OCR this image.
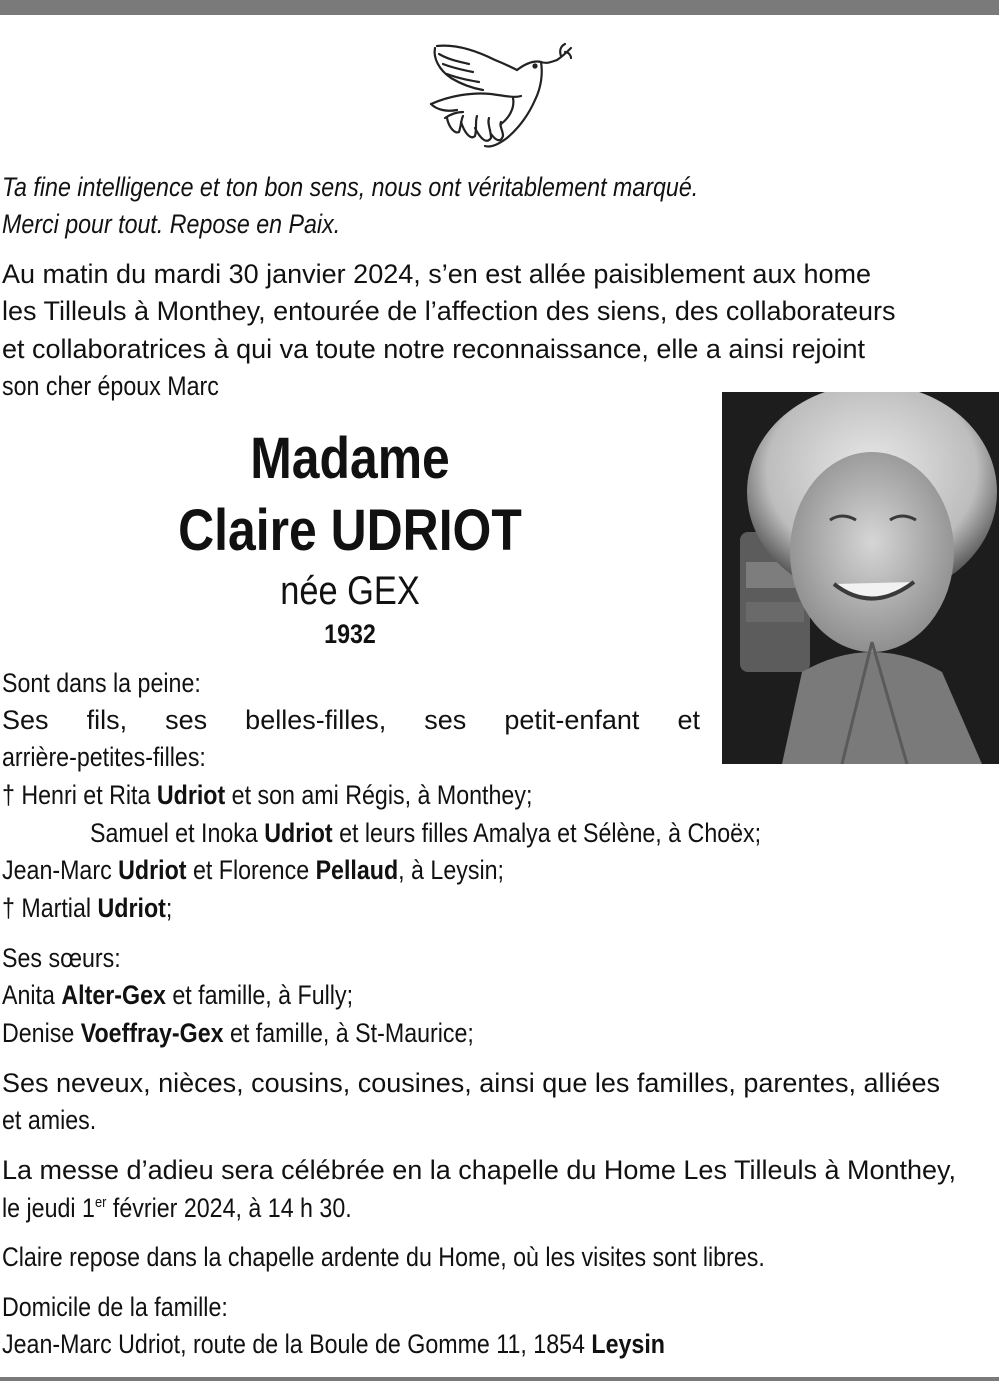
Ta fine intelligence et ton bon sens, nous ont véritablement marqué.

Merci pour tout. Repose en Paix.

Au matin du mardi 30 janvier 2024, s’en est allée paisiblement aux home

les Tilleuls à Monthey, entourée de l’affection des siens, des collaborateurs

et collaboratrices à qui va toute notre reconnaissance, elle a ainsi rejoint

son cher époux Marc

Madame
Claire UDRIOT
née GEX
1932

Sont dans la peine:

Ses fils, ses belles-filles, ses petit-enfant et

arrière-petites-filles:

† Henri et Rita Udriot et son ami Régis, à Monthey;

Samuel et Inoka Udriot et leurs filles Amalya et Sélène, à Choëx;

Jean-Marc Udriot et Florence Pellaud, à Leysin;

† Martial Udriot;

Ses sœurs:

Anita Alter-Gex et famille, à Fully;

Denise Voeffray-Gex et famille, à St-Maurice;

Ses neveux, nièces, cousins, cousines, ainsi que les familles, parentes, alliées

et amies.

La messe d’adieu sera célébrée en la chapelle du Home Les Tilleuls à Monthey,

le jeudi 1er février 2024, à 14 h 30.

Claire repose dans la chapelle ardente du Home, où les visites sont libres.

Domicile de la famille:

Jean-Marc Udriot, route de la Boule de Gomme 11, 1854 Leysin
